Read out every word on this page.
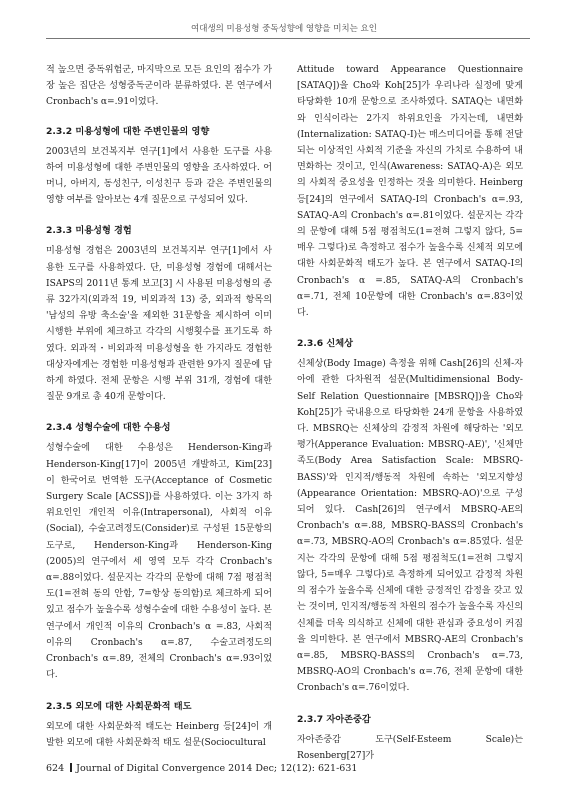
여대생의 미용성형 중독성향에 영향을 미치는 요인

적 높으면 중독위험군, 마지막으로 모든 요인의 점수가 가장 높은 집단은 성형중독군이라 분류하였다. 본 연구에서 Cronbach's α=.91이었다.

2.3.2 미용성형에 대한 주변인물의 영향

2003년의 보건복지부 연구[1]에서 사용한 도구를 사용하여 미용성형에 대한 주변인물의 영향을 조사하였다. 어머니, 아버지, 동성친구, 이성친구 등과 같은 주변인물의 영향 여부를 알아보는 4개 질문으로 구성되어 있다.

2.3.3 미용성형 경험

미용성형 경험은 2003년의 보건복지부 연구[1]에서 사용한 도구를 사용하였다. 단, 미용성형 경험에 대해서는 ISAPS의 2011년 통계 보고[3] 시 사용된 미용성형의 종류 32가지(외과적 19, 비외과적 13) 중, 외과적 항목의 '남성의 유방 축소술'을 제외한 31문항을 제시하여 이미 시행한 부위에 체크하고 각각의 시행횟수를 표기도록 하였다. 외과적・비외과적 미용성형을 한 가지라도 경험한 대상자에게는 경험한 미용성형과 관련한 9가지 질문에 답하게 하였다. 전체 문항은 시행 부위 31개, 경험에 대한 질문 9개로 총 40개 문항이다.

2.3.4 성형수술에 대한 수용성

성형수술에 대한 수용성은 Henderson-King과 Henderson-King[17]이 2005년 개발하고, Kim[23]이 한국어로 번역한 도구(Acceptance of Cosmetic Surgery Scale [ACSS])를 사용하였다. 이는 3가지 하위요인인 개인적 이유(Intrapersonal), 사회적 이유(Social), 수술고려정도(Consider)로 구성된 15문항의 도구로, Henderson-King과 Henderson-King (2005)의 연구에서 세 영역 모두 각각 Cronbach's α=.88이었다. 설문지는 각각의 문항에 대해 7점 평점척도(1=전혀 동의 안함, 7=항상 동의함)로 체크하게 되어 있고 점수가 높을수록 성형수술에 대한 수용성이 높다. 본 연구에서 개인적 이유의 Cronbach's α =.83, 사회적 이유의 Cronbach's α=.87, 수술고려정도의 Cronbach's α=.89, 전체의 Cronbach's α=.93이었다.

2.3.5 외모에 대한 사회문화적 태도

외모에 대한 사회문화적 태도는 Heinberg 등[24]이 개발한 외모에 대한 사회문화적 태도 설문(Sociocultural

Attitude toward Appearance Questionnaire [SATAQ])을 Cho와 Koh[25]가 우리나라 실정에 맞게 타당화한 10개 문항으로 조사하였다. SATAQ는 내면화와 인식이라는 2가지 하위요인을 가지는데, 내면화(Internalization: SATAQ-I)는 매스미디어를 통해 전달되는 이상적인 사회적 기준을 자신의 가치로 수용하여 내면화하는 것이고, 인식(Awareness: SATAQ-A)은 외모의 사회적 중요성을 인정하는 것을 의미한다. Heinberg 등[24]의 연구에서 SATAQ-I의 Cronbach's α=.93, SATAQ-A의 Cronbach's α=.81이었다. 설문지는 각각의 문항에 대해 5점 평점척도(1=전혀 그렇지 않다, 5=매우 그렇다)로 측정하고 점수가 높을수록 신체적 외모에 대한 사회문화적 태도가 높다. 본 연구에서 SATAQ-I의 Cronbach's α =.85, SATAQ-A의 Cronbach's α=.71, 전체 10문항에 대한 Cronbach's α=.83이었다.

2.3.6 신체상

신체상(Body Image) 측정을 위해 Cash[26]의 신체-자아에 관한 다차원적 설문(Multidimensional Body-Self Relation Questionnaire [MBSRQ])을 Cho와 Koh[25]가 국내용으로 타당화한 24개 문항을 사용하였다. MBSRQ는 신체상의 감정적 차원에 해당하는 '외모 평가(Apperance Evaluation: MBSRQ-AE)', '신체만족도(Body Area Satisfaction Scale: MBSRQ-BASS)'와 인지적/행동적 차원에 속하는 '외모지향성(Appearance Orientation: MBSRQ-AO)'으로 구성되어 있다. Cash[26]의 연구에서 MBSRQ-AE의 Cronbach's α=.88, MBSRQ-BASS의 Cronbach's α=.73, MBSRQ-AO의 Cronbach's α=.85였다. 설문지는 각각의 문항에 대해 5점 평점척도(1=전혀 그렇지 않다, 5=매우 그렇다)로 측정하게 되어있고 감정적 차원의 점수가 높을수록 신체에 대한 긍정적인 감정을 갖고 있는 것이며, 인지적/행동적 차원의 점수가 높을수록 자신의 신체를 더욱 의식하고 신체에 대한 관심과 중요성이 커짐을 의미한다. 본 연구에서 MBSRQ-AE의 Cronbach's α=.85, MBSRQ-BASS의 Cronbach's α=.73, MBSRQ-AO의 Cronbach's α=.76, 전체 문항에 대한 Cronbach's α=.76이었다.

2.3.7 자아존중감

자아존중감 도구(Self-Esteem Scale)는 Rosenberg[27]가

624 Journal of Digital Convergence 2014 Dec; 12(12): 621-631
